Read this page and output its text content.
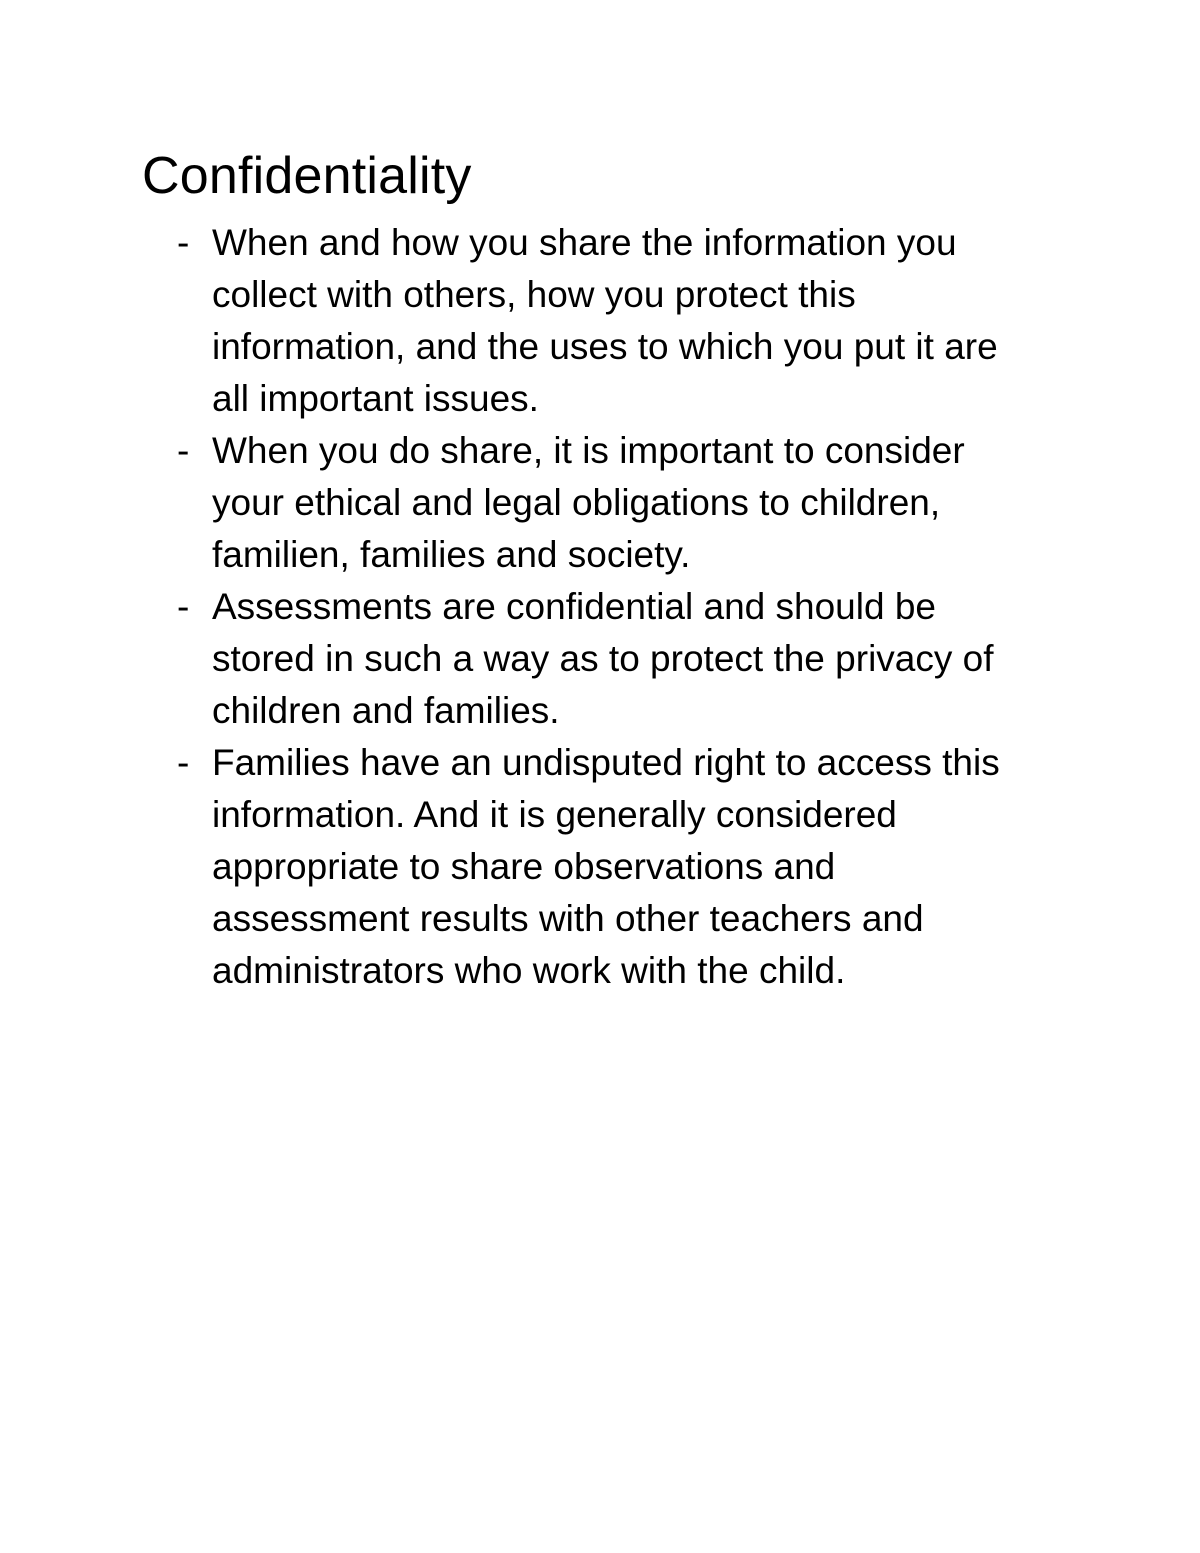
Confidentiality
- When and how you share the information you
collect with others, how you protect this
information, and the uses to which you put it are
all important issues.
- When you do share, it is important to consider
your ethical and legal obligations to children,
familien, families and society.
- Assessments are confidential and should be
stored in such a way as to protect the privacy of
children and families.
- Families have an undisputed right to access this
information. And it is generally considered
appropriate to share observations and
assessment results with other teachers and
administrators who work with the child.
